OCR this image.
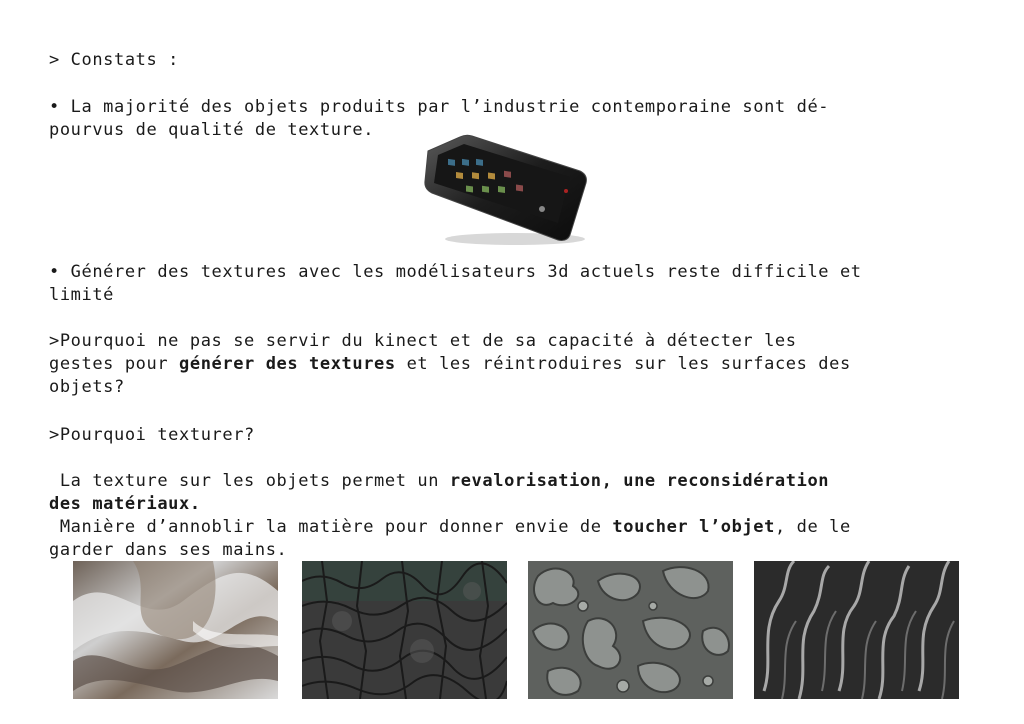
> Constats :
• La majorité des objets produits par l’industrie contemporaine sont dé-
pourvus de qualité de texture.
• Générer des textures avec les modélisateurs 3d actuels reste difficile et
limité
>Pourquoi ne pas se servir du kinect et de sa capacité à détecter les
gestes pour générer des textures et les réintroduires sur les surfaces des
objets?
>Pourquoi texturer?
La texture sur les objets permet un revalorisation, une reconsidération
des matériaux.
Manière d’annoblir la matière pour donner envie de toucher l’objet, de le
garder dans ses mains.
